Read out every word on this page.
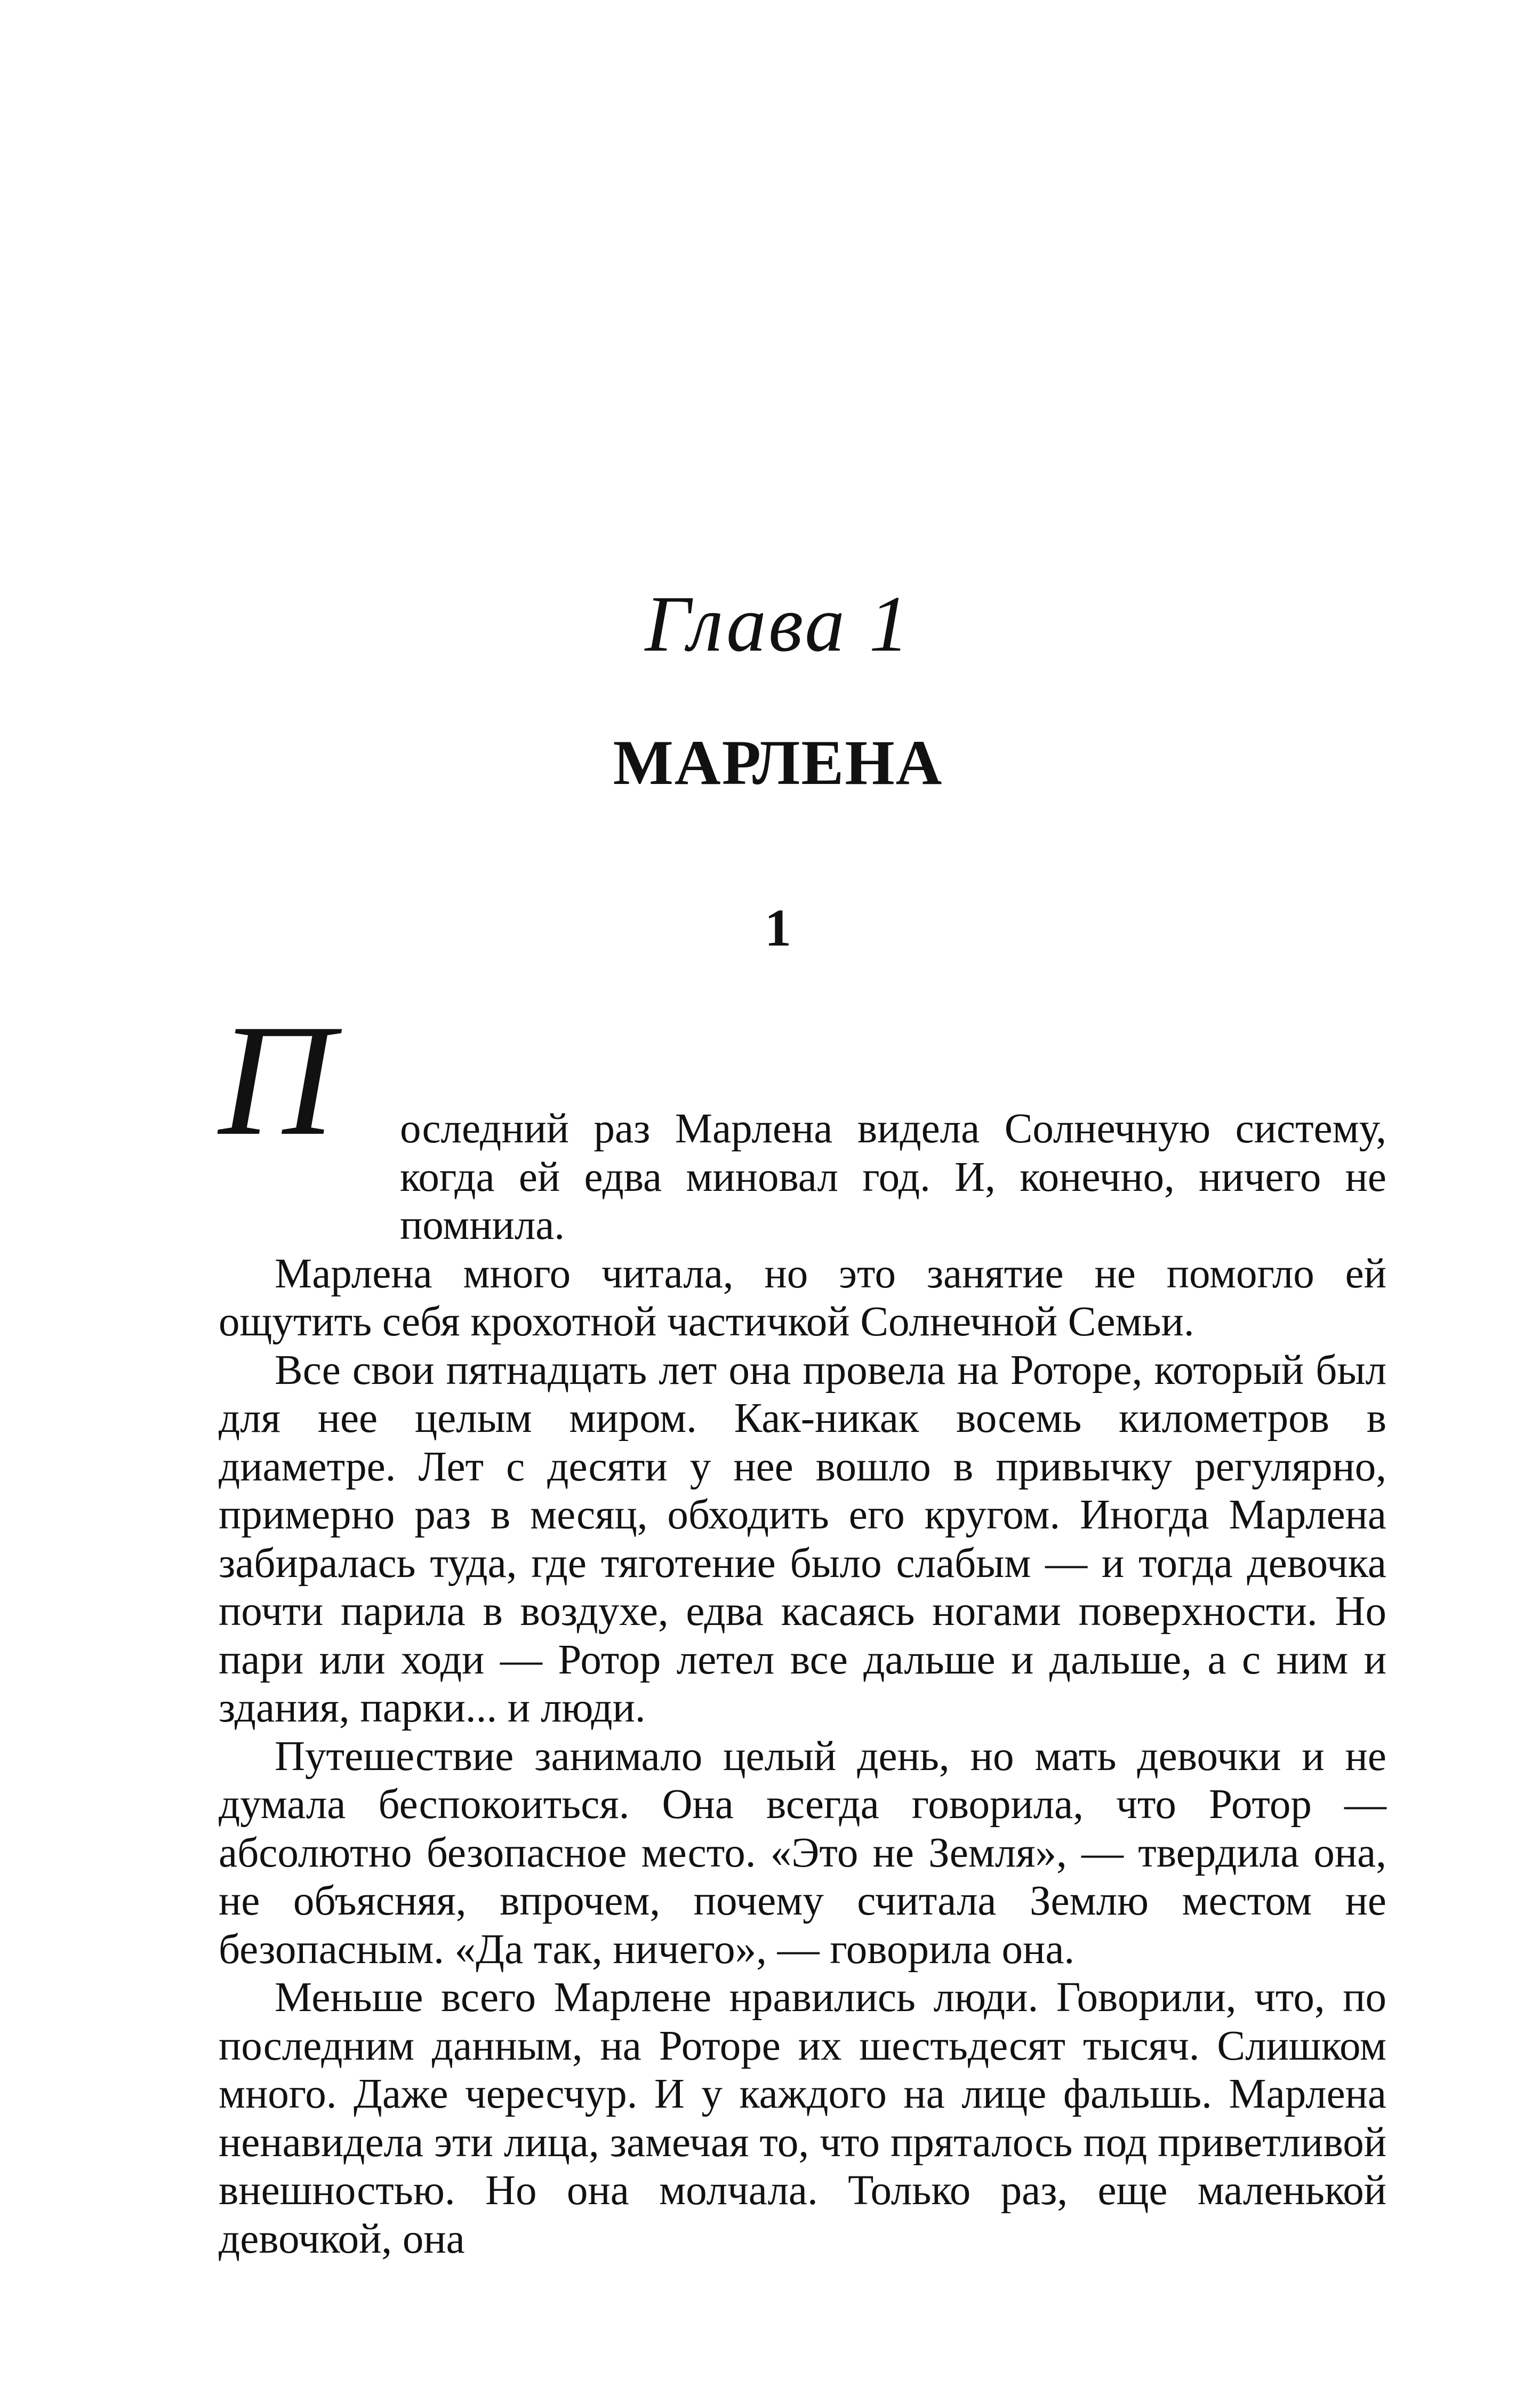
Глава 1
МАРЛЕНА
1
П	оследний раз Марлена видела Солнечную систему, когда ей едва миновал год. И, конечно, ничего не помнила.

Марлена много читала, но это занятие не помогло ей ощутить себя крохотной частичкой Солнечной Семьи.

Все свои пятнадцать лет она провела на Роторе, который был для нее целым миром. Как-никак восемь километров в диаметре. Лет с десяти у нее вошло в привычку регулярно, примерно раз в месяц, обходить его кругом. Иногда Марлена забиралась туда, где тяготение было слабым — и тогда девочка почти парила в воздухе, едва касаясь ногами поверхности. Но пари или ходи — Ротор летел все дальше и дальше, а с ним и здания, парки... и люди.

Путешествие занимало целый день, но мать девочки и не думала беспокоиться. Она всегда говорила, что Ротор — абсолютно безопасное место. «Это не Земля», — твердила она, не объясняя, впрочем, почему считала Землю местом не безопасным. «Да так, ничего», — говорила она.

Меньше всего Марлене нравились люди. Говорили, что, по последним данным, на Роторе их шестьдесят тысяч. Слишком много. Даже чересчур. И у каждого на лице фальшь. Марлена ненавидела эти лица, замечая то, что пряталось под приветливой внешностью. Но она молчала. Только раз, еще маленькой девочкой, она
